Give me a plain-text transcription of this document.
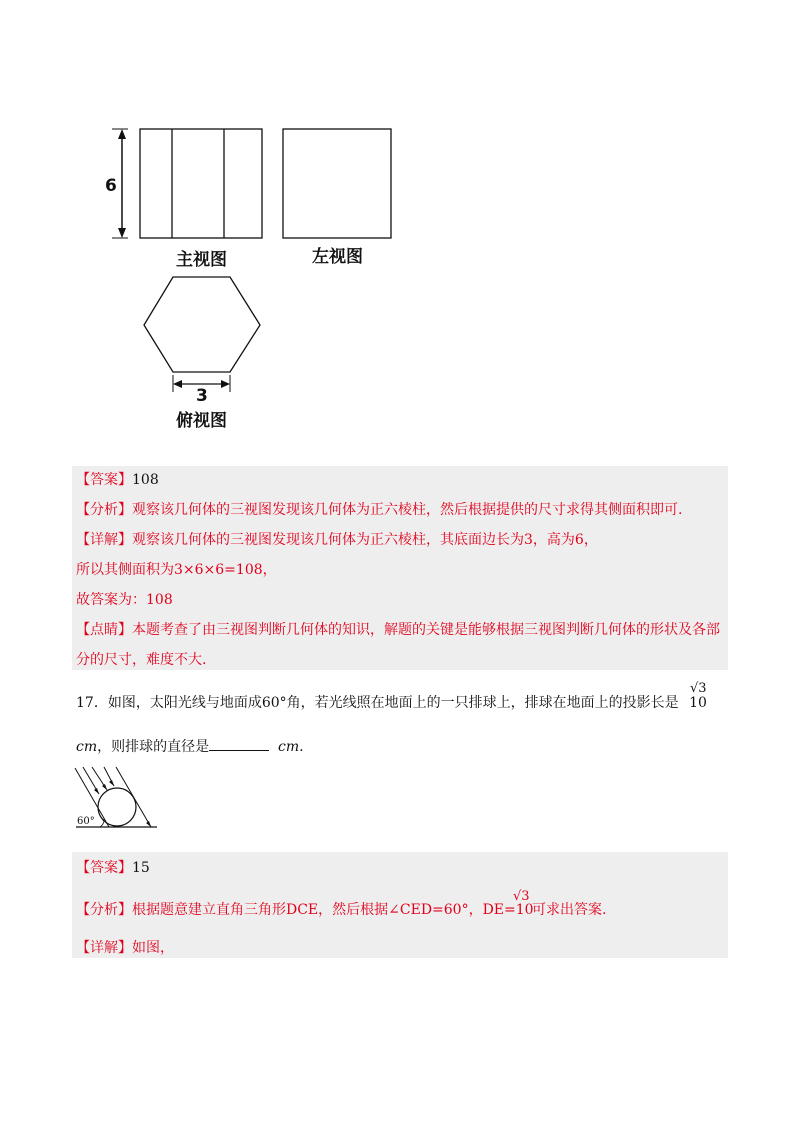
6
主视图	左视图
3
俯视图
【答案】108
【分析】观察该几何体的三视图发现该几何体为正六棱柱，然后根据提供的尺寸求得其侧面积即可.
【详解】观察该几何体的三视图发现该几何体为正六棱柱，其底面边长为3，高为6，
所以其侧面积为3×6×6=108，
故答案为：108
【点睛】本题考查了由三视图判断几何体的知识，解题的关键是能够根据三视图判断几何体的形状及各部
分的尺寸，难度不大.
17．如图，太阳光线与地面成60°角，若光线照在地面上的一只排球上，排球在地面上的投影长是 10
√3
cm，则排球的直径是	cm.
60°
【答案】15
【分析】根据题意建立直角三角形DCE，然后根据∠CED=60°，DE=10
√3
可求出答案.
【详解】如图，
